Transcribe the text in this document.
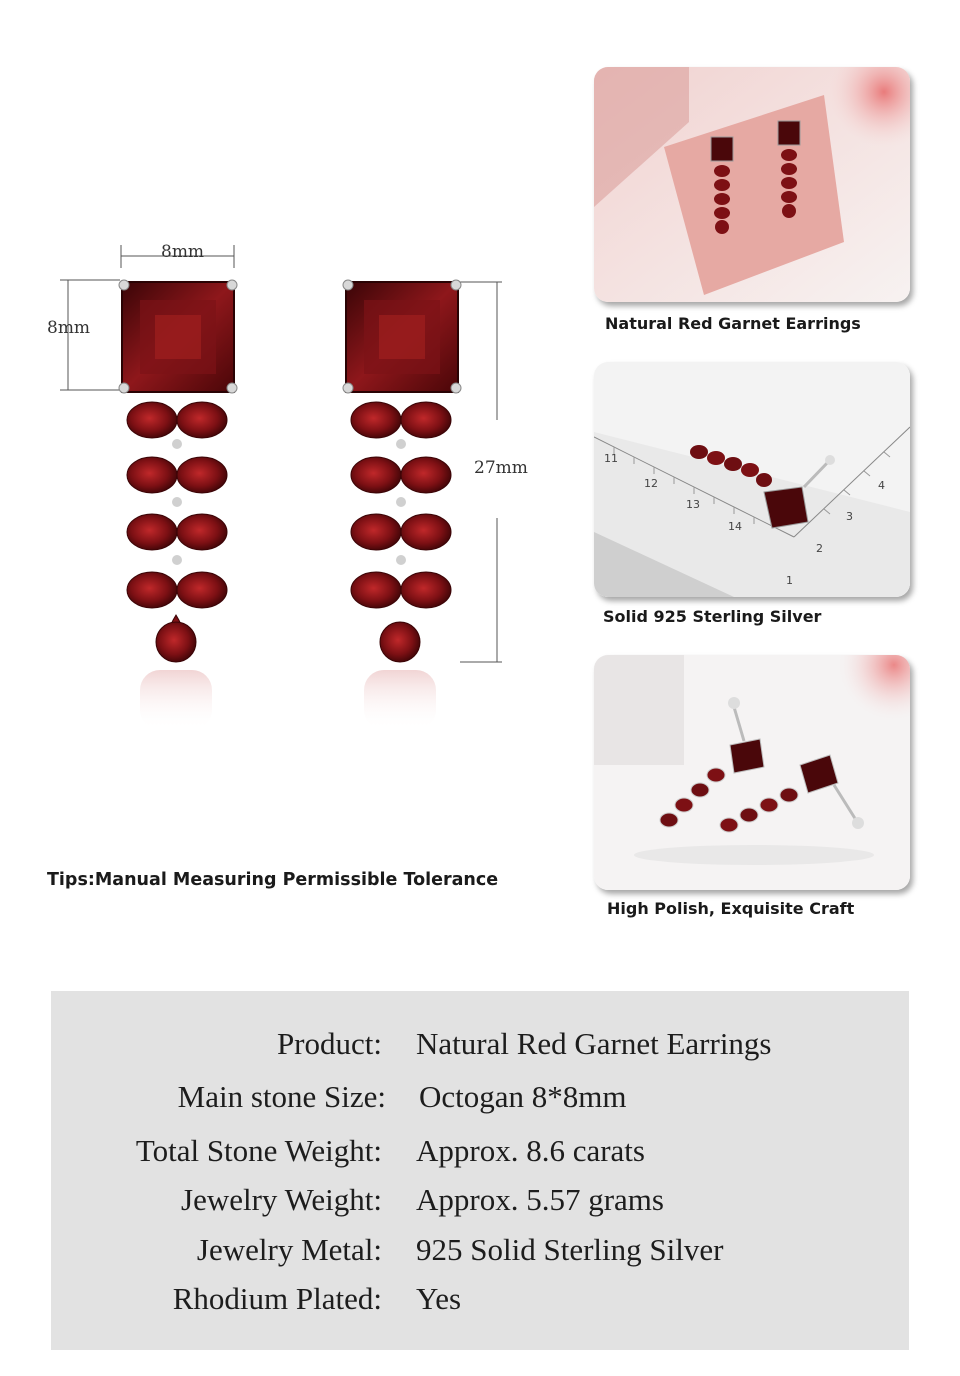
8mm
8mm
27mm
Tips:Manual Measuring Permissible Tolerance
Natural Red Garnet Earrings
11
12
13
14
1
2
3
4
Solid 925 Sterling Silver
High Polish, Exquisite Craft
Product: Natural Red Garnet Earrings
Main stone Size: Octogan 8*8mm
Total Stone Weight: Approx. 8.6 carats
Jewelry Weight: Approx. 5.57 grams
Jewelry Metal: 925 Solid Sterling Silver
Rhodium Plated: Yes
